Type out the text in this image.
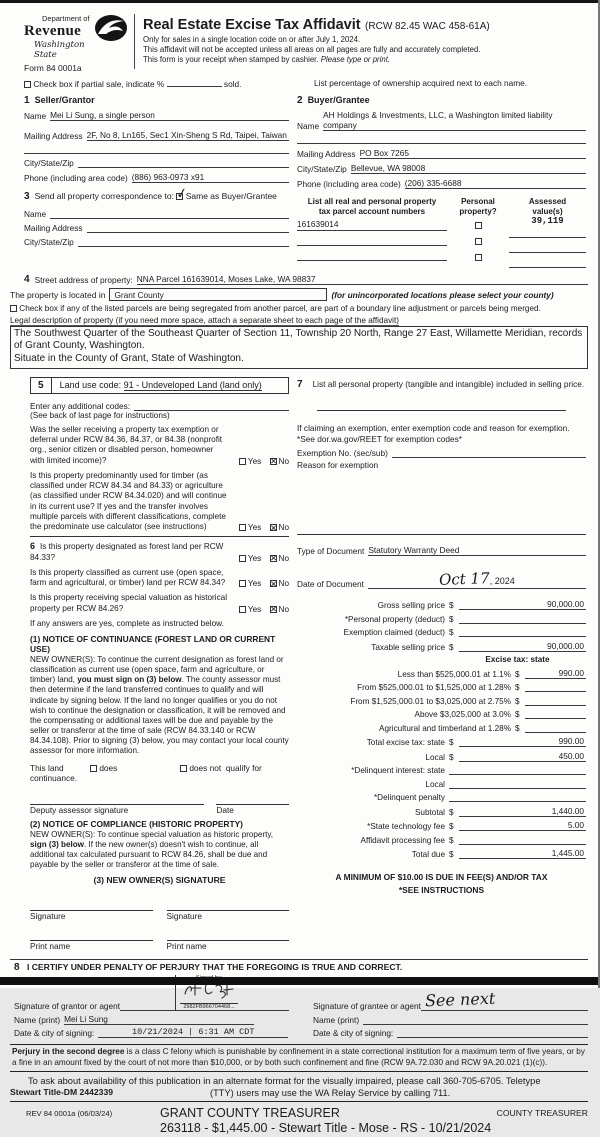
Department of
Revenue
Washington State
Form 84 0001a
Real Estate Excise Tax Affidavit (RCW 82.45 WAC 458-61A)
Only for sales in a single location code on or after July 1, 2024.
This affidavit will not be accepted unless all areas on all pages are fully and accurately completed.
This form is your receipt when stamped by cashier. Please type or print.
Check box if partial sale, indicate %	sold.	List percentage of ownership acquired next to each name.
1 Seller/Grantor
Name Mei Li Sung, a single person
Mailing Address 2F, No 8, Ln165, Sec1 Xin-Sheng S Rd, Taipei, Taiwan
City/State/Zip
Phone (including area code) (886) 963-0973 x91
3 Send all property correspondence to: ✓ Same as Buyer/Grantee
Name
Mailing Address
City/State/Zip
2 Buyer/Grantee
Name
AH Holdings & Investments, LLC, a Washington limited liability company
Mailing Address PO Box 7265
City/State/Zip Bellevue, WA 98008
Phone (including area code) (206) 335-6688
List all real and personal property
tax parcel account numbers
161639014
Personal
property?
Assessed
value(s)
39,119
4 Street address of property: NNA Parcel 161639014, Moses Lake, WA 98837
The property is located in	Grant County	(for unincorporated locations please select your county)
Check box if any of the listed parcels are being segregated from another parcel, are part of a boundary line adjustment or parcels being merged.
Legal description of property (if you need more space, attach a separate sheet to each page of the affidavit)
The Southwest Quarter of the Southeast Quarter of Section 11, Township 20 North, Range 27 East, Willamette Meridian, records of Grant County, Washington.
Situate in the County of Grant, State of Washington.
5	Land use code: 91 - Undeveloped Land (land only)
Enter any additional codes:
(See back of last page for instructions)
Was the seller receiving a property tax exemption or deferral under RCW 84.36, 84.37, or 84.38 (nonprofit org., senior citizen or disabled person, homeowner with limited income)?	Yes ✕ No
Is this property predominantly used for timber (as classified under RCW 84.34 and 84.33) or agriculture (as classified under RCW 84.34.020) and will continue in its current use? If yes and the transfer involves multiple parcels with different classifications, complete the predominate use calculator (see instructions)	Yes ✕ No
6 Is this property designated as forest land per RCW 84.33?	Yes ✕ No
Is this property classified as current use (open space, farm and agricultural, or timber) land per RCW 84.34?	Yes ✕ No
Is this property receiving special valuation as historical property per RCW 84.26?	Yes ✕ No
If any answers are yes, complete as instructed below.
(1) NOTICE OF CONTINUANCE (FOREST LAND OR CURRENT USE)
NEW OWNER(S): To continue the current designation as forest land or classification as current use (open space, farm and agriculture, or timber) land, you must sign on (3) below. The county assessor must then determine if the land transferred continues to qualify and will indicate by signing below. If the land no longer qualifies or you do not wish to continue the designation or classification, it will be removed and the compensating or additional taxes will be due and payable by the seller or transferor at the time of sale (RCW 84.33.140 or RCW 84.34.108). Prior to signing (3) below, you may contact your local county assessor for more information.
This land	does	does not qualify for
continuance.
Deputy assessor signature	Date
(2) NOTICE OF COMPLIANCE (HISTORIC PROPERTY)
NEW OWNER(S): To continue special valuation as historic property, sign (3) below. If the new owner(s) doesn't wish to continue, all additional tax calculated pursuant to RCW 84.26, shall be due and payable by the seller or transferor at the time of sale.
(3) NEW OWNER(S) SIGNATURE
Signature	Signature
Print name	Print name
7 List all personal property (tangible and intangible) included in selling price.
If claiming an exemption, enter exemption code and reason for exemption. *See dor.wa.gov/REET for exemption codes*
Exemption No. (sec/sub)
Reason for exemption
Type of Document Statutory Warranty Deed
Date of Document	Oct 17, 2024
Gross selling price $	90,000.00
*Personal property (deduct) $
Exemption claimed (deduct) $
Taxable selling price $	90,000.00
Excise tax: state
Less than $525,000.01 at 1.1% $	990.00
From $525,000.01 to $1,525,000 at 1.28% $
From $1,525,000.01 to $3,025,000 at 2.75% $
Above $3,025,000 at 3.0% $
Agricultural and timberland at 1.28% $
Total excise tax: state $	990.00
Local $	450.00
*Delinquent interest: state
Local
*Delinquent penalty
Subtotal $	1,440.00
*State technology fee $	5.00
Affidavit processing fee $
Total due $	1,445.00
A MINIMUM OF $10.00 IS DUE IN FEE(S) AND/OR TAX
*SEE INSTRUCTIONS
8 I CERTIFY UNDER PENALTY OF PERJURY THAT THE FOREGOING IS TRUE AND CORRECT.
Signature of grantor or agent	2982FB966704468...	Signature of grantee or agent See next
Name (print) Mei Li Sung	Name (print)
Date & city of signing:	10/21/2024 | 6:31 AM CDT	Date & city of signing:
Perjury in the second degree is a class C felony which is punishable by confinement in a state correctional institution for a maximum term of five years, or by a fine in an amount fixed by the court of not more than $10,000, or by both such confinement and fine (RCW 9A.72.030 and RCW 9A.20.021 (1)(c)).
To ask about availability of this publication in an alternate format for the visually impaired, please call 360-705-6705. Teletype
Stewart Title-DM 2442339	(TTY) users may use the WA Relay Service by calling 711.
REV 84 0001a (06/03/24)	GRANT COUNTY TREASURER
263118 - $1,445.00 - Stewart Title - Mose - RS - 10/21/2024
COUNTY TREASURER
